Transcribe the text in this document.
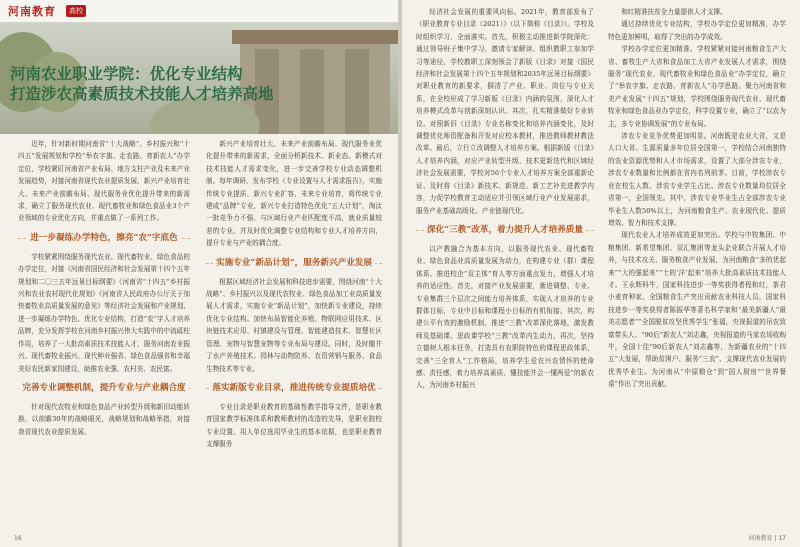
河南教育	高校
河南农业职业学院：优化专业结构
打造涉农高素质技术技能人才培养高地

近年，针对新时期河南省“十大战略”、乡村振兴和“十四五”发展规划和学校“举农字旗、走农路、育新农人”办学定位，学校紧盯河南省产业布局、地方支柱产业及未来产业发展趋势，对接河南省现代农业提质发展、新兴产业培育壮大、未来产业前瞻布局、现代服务业优化提升带来的新需求，确立了服务现代农业、现代畜牧业和绿色食品业3个产业领域的专业优化方向，并重点做了一系列工作。

进一步凝练办学特色，擦亮“农”字底色

学校紧紧围绕服务现代农业、现代畜牧业、绿色食品的办学定位，对接《河南省国民经济和社会发展第十四个五年规划和二〇三五年远景目标纲要》《河南省“十四五”乡村振兴和农业农村现代化规划》《河南省人民政府办公厅关于加快畜牧业高质量发展的意见》等经济社会发展和产业规划，进一步凝练办学特色、优化专业结构，打造“农”字人才培养品牌，充分发挥学校在河南乡村振兴伟大实践中的中流砥柱作用，培养了一大批高素质技术技能人才，服务河南农业振兴、现代畜牧业振兴、现代种业强省、绿色食品强省和幸福美好农民新家园建设，助推农业强、农村美、农民富。

完善专业调整机制，提升专业与产业耦合度

针对现代农牧业和绿色食品产业转型升级和新旧动能转换，以前瞻30年的战略眼光，战略规划和战略举措，对接我省现代农业提质发展、

新兴产业培育壮大、未来产业前瞻布局、现代服务业优化提升带来的新需求，全面分析新技术、新业态、新模式对技术技能人才需求变化，进一步完善学校专业动态调整机制。每年调研、发布学校《专业设置与人才需求报告》，实施传统专业提质、新兴专业扩容、未来专业培育，将传统专业建成“品牌”专业，新兴专业打造特色优化“五大计划”，淘汰一批竞争力不强、与区域行业产业匹配度不高，就业质量较差的专业。并及时优化调整专业结构和专业人才培养方向，提升专业与产业的耦合度。

实施专业“新品计划”，服务新兴产业发展

根据区域经济社会发展和科技进步需要，围绕河南“十大战略”、乡村振兴以及现代农牧业、绿色食品加工业高质量发展人才需求，实施专业“新品计划”，加快新专业建设，持续优化专业结构。加快布局智能化养殖、物联网应用技术、区块链技术应用、村镇建设与管理、智能建造技术、智慧社区管理、宠物与智慧宠物等专业布局与建设。同时，及时撤并了水产养殖技术、园林与动物防养、农资营销与服务、食品生物技术等专业。

落实新版专业目录，推进传统专业提质培优

专业目录是职业教育的基础性教学指导文件，是职业教育国家教学标准体系和教师教材的改造的先导，是职业院校专业设置、用人单位选用毕业生的基本依据，也是职业教育支撑服务

16

经济社会发展的重要风向标。2021年，教育部发布了《职业教育专业目录（2021）》（以下简称《目录》）。学校及时组织学习、全面落实。首先，积极主动推进新学院深化：通过领导班子集中学习、邀请专家解读、组织教职工参加学习等途径，学校教职工深刻领会了新版《目录》对接《国民经济和社会发展第十四个五年规划和2035年远景目标纲要》对职业教育的新要求，摒清了产业、职业、岗位与专业关系，在全校形成了学习新版《目录》内涵的氛围，深化人才培养模式改革与创新深刻认识。其次，扎实精准做好专业转设。对照新旧《目录》专业名称变化和培养内涵变化，及时调整优化师资配备和开发对应校本教材，推进教师教材教法改革。最后，立行立改调整人才培养方案。根据新版《目录》人才培养内涵，对应产业转型升级、技术更新迭代和区域经济社会发展需要，学校对56个专业人才培养方案全部重新论证、及时将《目录》新技术、新规范、新工艺补充进教学内容，力促学校教育主动适应并引领区域行业产业发展需求，服务产业基础高级化、产业链现代化。

深化“三教”改革，着力提升人才培养质量

以产教融合为基本方向，以服务现代农业、现代畜牧业、绿色食品业高质量发展为动力，在构建专业（群）课程体系、推进校企“双主体”育人等方面重点发力，增强人才培养的适应性。首先，对接产业发展需要，渐进调整、专业、专业集群三个层次之间能力培养体系，实现人才培养的专业群体目标，专业中目标和课程小目标的有机衔接。其次，构建公平有效的激励机制，推进“三教”改革深化落地，激发教师及基础课、思政课学校“三教”改革内生动力，再次，坚持立德树人根本任务，打造具有农职院特色的课程思政体系，完善“三全育人”工作格局，培养学生爱农兴农情怀的使命感、责任感，着力培养高素质、懂技能并会一懂两爱”的新农人，为河南乡村振兴

和红精准扶贫全力量提供人才支撑。

通过持续优化专业结构，学校办学定位更加精准，办学特色更加鲜明，取得了突出的办学成效。

学校办学定位更加精准。学校紧紧对接河南粮食生产大省、畜牧生产大省和食品加工大省产业发展人才需求，围绕服务“现代农业、现代畜牧业和绿色食品业”办学定位，确立了“举农字旗、走农路、育新农人”办学思路。聚力河南省和美产业发展“十四五”规划，学校围绕服务现代农业、现代畜牧业和绿色食品业办学定位，科学设置专业，确立了“以农为主，多专业协调发展”的专业布局。

涉农专业竞争优势更加明显。河南既是农业大省，又是人口大省。生源质量多年位居全国第一，学校结合河南独特的农业资源优势和人才市场需求，设置了大部分涉农专业，涉农专业数量和比例都在省内名列前茅。目前，学校涉农专业在校生人数、涉农专业学生占比、涉农专业数量均位居全省第一，全国领先。其中，涉农专业毕业生占全部涉农专业毕业生人数50%以上，为河南粮食生产、农业现代化、提质增效、智力和技术支撑。

现代农业人才培养成效更加突出。学校与中牧集团、中粮集团、新希望集团、双汇集团等龙头企业联合开展人才培养，与技术攻关、服务粮食产业发展，为河南粮食“多的优起来”“大的强起来”“土的‘洋’起来”培养大批高素质技术技能人才。王永辉科牛，国家科技进步一等奖获得者程和红，茶君小麦育种家、全国粮食生产突出贡献农业科技人员，国家科技进步一等奖获得者陈振华等著名科学家和“最美新疆人”最美志愿者”“全国脱贫攻坚优秀学生”张福，央视报道的吊农致富带头人、“90后”新农人”刘志鑫，央视报道的马家农场收购牛，全国十佳“90后新农人”刘志鑫等，为新疆农业的“十四五”大发展，帮助贫困户、服务“三农”、支撑现代农业发展的优秀毕业生。为河南从“中原粮仓”到“国人厨房”“世界餐桌”作出了突出贡献。

河南教育 | 17
